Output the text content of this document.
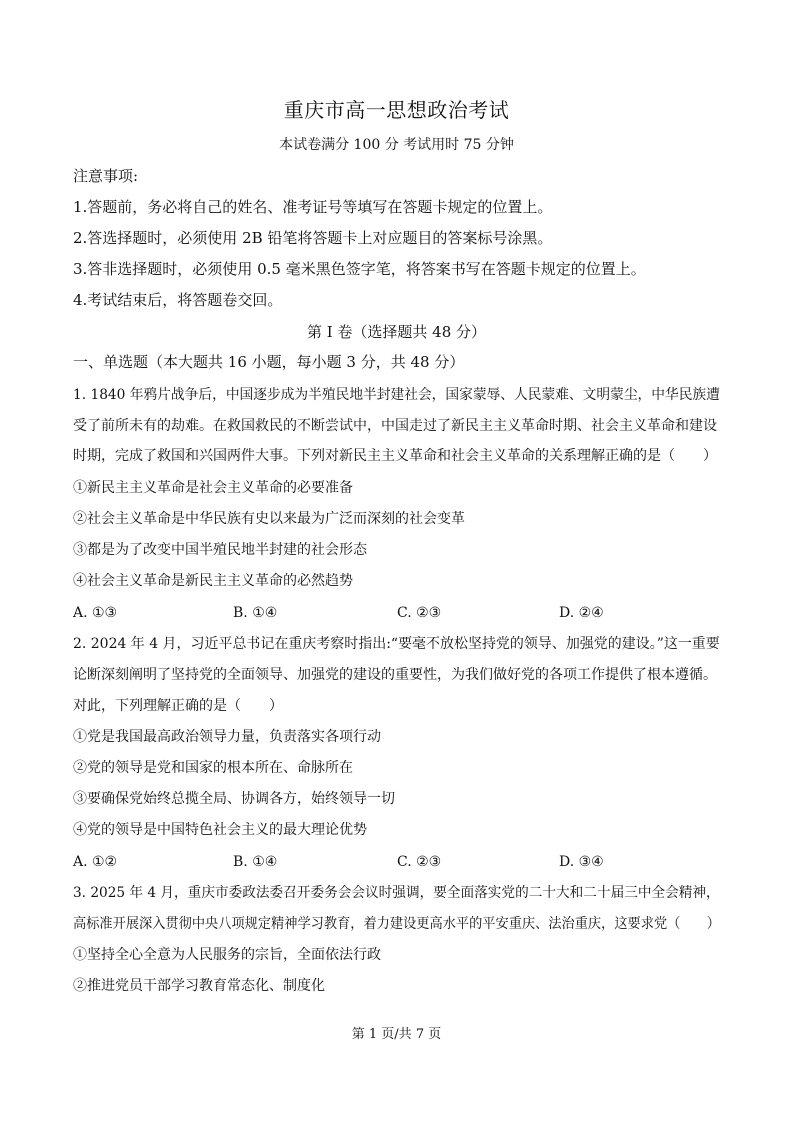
重庆市高一思想政治考试
本试卷满分 100 分 考试用时 75 分钟
注意事项:
1.答题前，务必将自己的姓名、准考证号等填写在答题卡规定的位置上。
2.答选择题时，必须使用 2B 铅笔将答题卡上对应题目的答案标号涂黑。
3.答非选择题时，必须使用 0.5 毫米黑色签字笔，将答案书写在答题卡规定的位置上。
4.考试结束后，将答题卷交回。
第 I 卷（选择题共 48 分）
一、单选题（本大题共 16 小题，每小题 3 分，共 48 分）
1. 1840 年鸦片战争后，中国逐步成为半殖民地半封建社会，国家蒙辱、人民蒙难、文明蒙尘，中华民族遭
受了前所未有的劫难。在救国救民的不断尝试中，中国走过了新民主主义革命时期、社会主义革命和建设
时期，完成了救国和兴国两件大事。下列对新民主主义革命和社会主义革命的关系理解正确的是（　　）
①新民主主义革命是社会主义革命的必要准备
②社会主义革命是中华民族有史以来最为广泛而深刻的社会变革
③都是为了改变中国半殖民地半封建的社会形态
④社会主义革命是新民主主义革命的必然趋势
A. ①③	B. ①④	C. ②③	D. ②④
2. 2024 年 4 月，习近平总书记在重庆考察时指出:“要毫不放松坚持党的领导、加强党的建设。”这一重要
论断深刻阐明了坚持党的全面领导、加强党的建设的重要性，为我们做好党的各项工作提供了根本遵循。
对此，下列理解正确的是（　　）
①党是我国最高政治领导力量，负责落实各项行动
②党的领导是党和国家的根本所在、命脉所在
③要确保党始终总揽全局、协调各方，始终领导一切
④党的领导是中国特色社会主义的最大理论优势
A. ①②	B. ①④	C. ②③	D. ③④
3. 2025 年 4 月，重庆市委政法委召开委务会会议时强调，要全面落实党的二十大和二十届三中全会精神，
高标准开展深入贯彻中央八项规定精神学习教育，着力建设更高水平的平安重庆、法治重庆，这要求党（　　）
①坚持全心全意为人民服务的宗旨，全面依法行政
②推进党员干部学习教育常态化、制度化
第 1 页/共 7 页
